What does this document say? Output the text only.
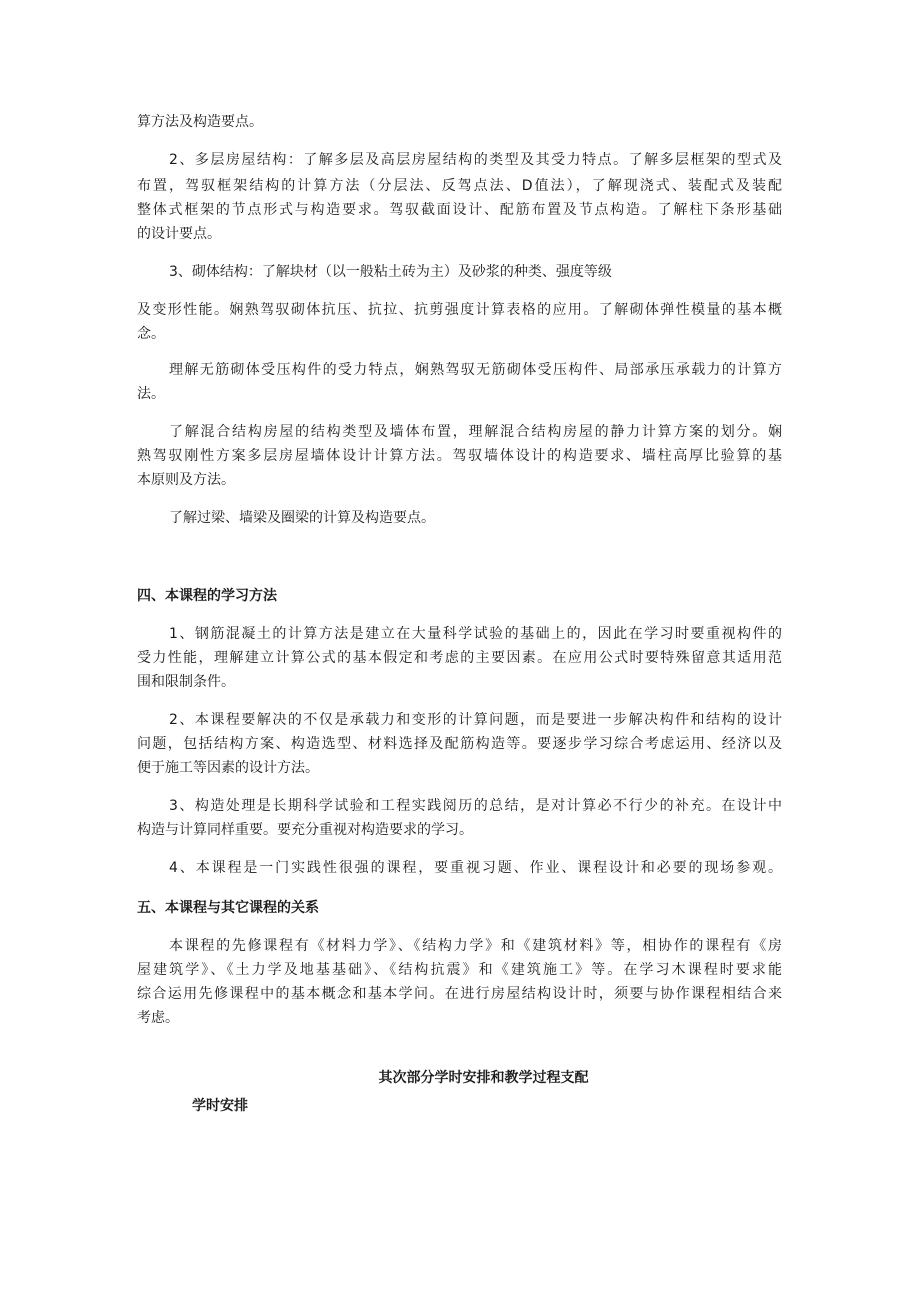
算方法及构造要点。
2、多层房屋结构：了解多层及高层房屋结构的类型及其受力特点。了解多层框架的型式及
布置，驾驭框架结构的计算方法（分层法、反驾点法、D值法），了解现浇式、装配式及装配
整体式框架的节点形式与构造要求。驾驭截面设计、配筋布置及节点构造。了解柱下条形基础
的设计要点。
3、砌体结构：了解块材（以一般粘土砖为主）及砂浆的种类、强度等级
及变形性能。娴熟驾驭砌体抗压、抗拉、抗剪强度计算表格的应用。了解砌体弹性模量的基本概
念。
理解无筋砌体受压构件的受力特点，娴熟驾驭无筋砌体受压构件、局部承压承载力的计算方
法。
了解混合结构房屋的结构类型及墙体布置，理解混合结构房屋的静力计算方案的划分。娴
熟驾驭刚性方案多层房屋墙体设计计算方法。驾驭墙体设计的构造要求、墙柱高厚比验算的基
本原则及方法。
了解过梁、墙梁及圈梁的计算及构造要点。
四、本课程的学习方法
1、钢筋混凝土的计算方法是建立在大量科学试验的基础上的，因此在学习时要重视构件的
受力性能，理解建立计算公式的基本假定和考虑的主要因素。在应用公式时要特殊留意其适用范
围和限制条件。
2、本课程要解决的不仅是承载力和变形的计算问题，而是要进一步解决构件和结构的设计
问题，包括结构方案、构造选型、材料选择及配筋构造等。要逐步学习综合考虑运用、经济以及
便于施工等因素的设计方法。
3、构造处理是长期科学试验和工程实践阅历的总结，是对计算必不行少的补充。在设计中
构造与计算同样重要。要充分重视对构造要求的学习。
4、本课程是一门实践性很强的课程，要重视习题、作业、课程设计和必要的现场参观。
五、本课程与其它课程的关系
本课程的先修课程有《材料力学》、《结构力学》和《建筑材料》等，相协作的课程有《房
屋建筑学》、《土力学及地基基础》、《结构抗震》和《建筑施工》等。在学习木课程时要求能
综合运用先修课程中的基本概念和基本学问。在进行房屋结构设计时，须要与协作课程相结合来
考虑。
其次部分学时安排和教学过程支配
学时安排
